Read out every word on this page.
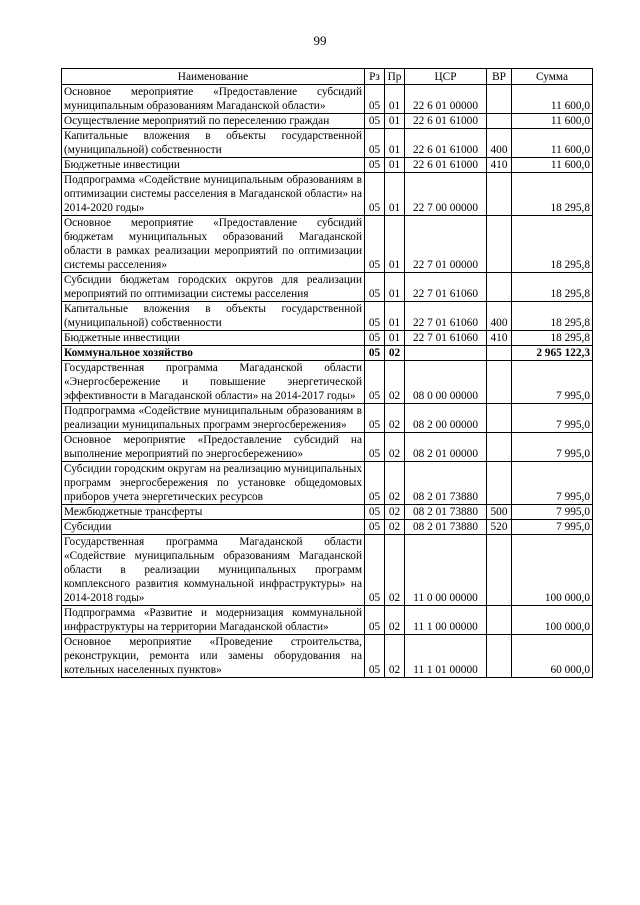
99
Наименование	Рз	Пр	ЦСР	ВР	Сумма
Основное мероприятие «Предоставление субсидий муниципальным образованиям Магаданской области»	05	01	22 6 01 00000		11 600,0
Осуществление мероприятий по переселению граждан	05	01	22 6 01 61000		11 600,0
Капитальные вложения в объекты государственной (муниципальной) собственности	05	01	22 6 01 61000	400	11 600,0
Бюджетные инвестиции	05	01	22 6 01 61000	410	11 600,0
Подпрограмма «Содействие муниципальным образованиям в оптимизации системы расселения в Магаданской области» на 2014-2020 годы»	05	01	22 7 00 00000		18 295,8
Основное мероприятие «Предоставление субсидий бюджетам муниципальных образований Магаданской области в рамках реализации мероприятий по оптимизации системы расселения»	05	01	22 7 01 00000		18 295,8
Субсидии бюджетам городских округов для реализации мероприятий по оптимизации системы расселения	05	01	22 7 01 61060		18 295,8
Капитальные вложения в объекты государственной (муниципальной) собственности	05	01	22 7 01 61060	400	18 295,8
Бюджетные инвестиции	05	01	22 7 01 61060	410	18 295,8
Коммунальное хозяйство	05	02			2 965 122,3
Государственная программа Магаданской области «Энергосбережение и повышение энергетической эффективности в Магаданской области» на 2014-2017 годы»	05	02	08 0 00 00000		7 995,0
Подпрограмма «Содействие муниципальным образованиям в реализации муниципальных программ энергосбережения»	05	02	08 2 00 00000		7 995,0
Основное мероприятие «Предоставление субсидий на выполнение мероприятий по энергосбережению»	05	02	08 2 01 00000		7 995,0
Субсидии городским округам на реализацию муниципальных программ энергосбережения по установке общедомовых приборов учета энергетических ресурсов	05	02	08 2 01 73880		7 995,0
Межбюджетные трансферты	05	02	08 2 01 73880	500	7 995,0
Субсидии	05	02	08 2 01 73880	520	7 995,0
Государственная программа Магаданской области «Содействие муниципальным образованиям Магаданской области в реализации муниципальных программ комплексного развития коммунальной инфраструктуры» на 2014-2018 годы»	05	02	11 0 00 00000		100 000,0
Подпрограмма «Развитие и модернизация коммунальной инфраструктуры на территории Магаданской области»	05	02	11 1 00 00000		100 000,0
Основное мероприятие «Проведение строительства, реконструкции, ремонта или замены оборудования на котельных населенных пунктов»	05	02	11 1 01 00000		60 000,0
